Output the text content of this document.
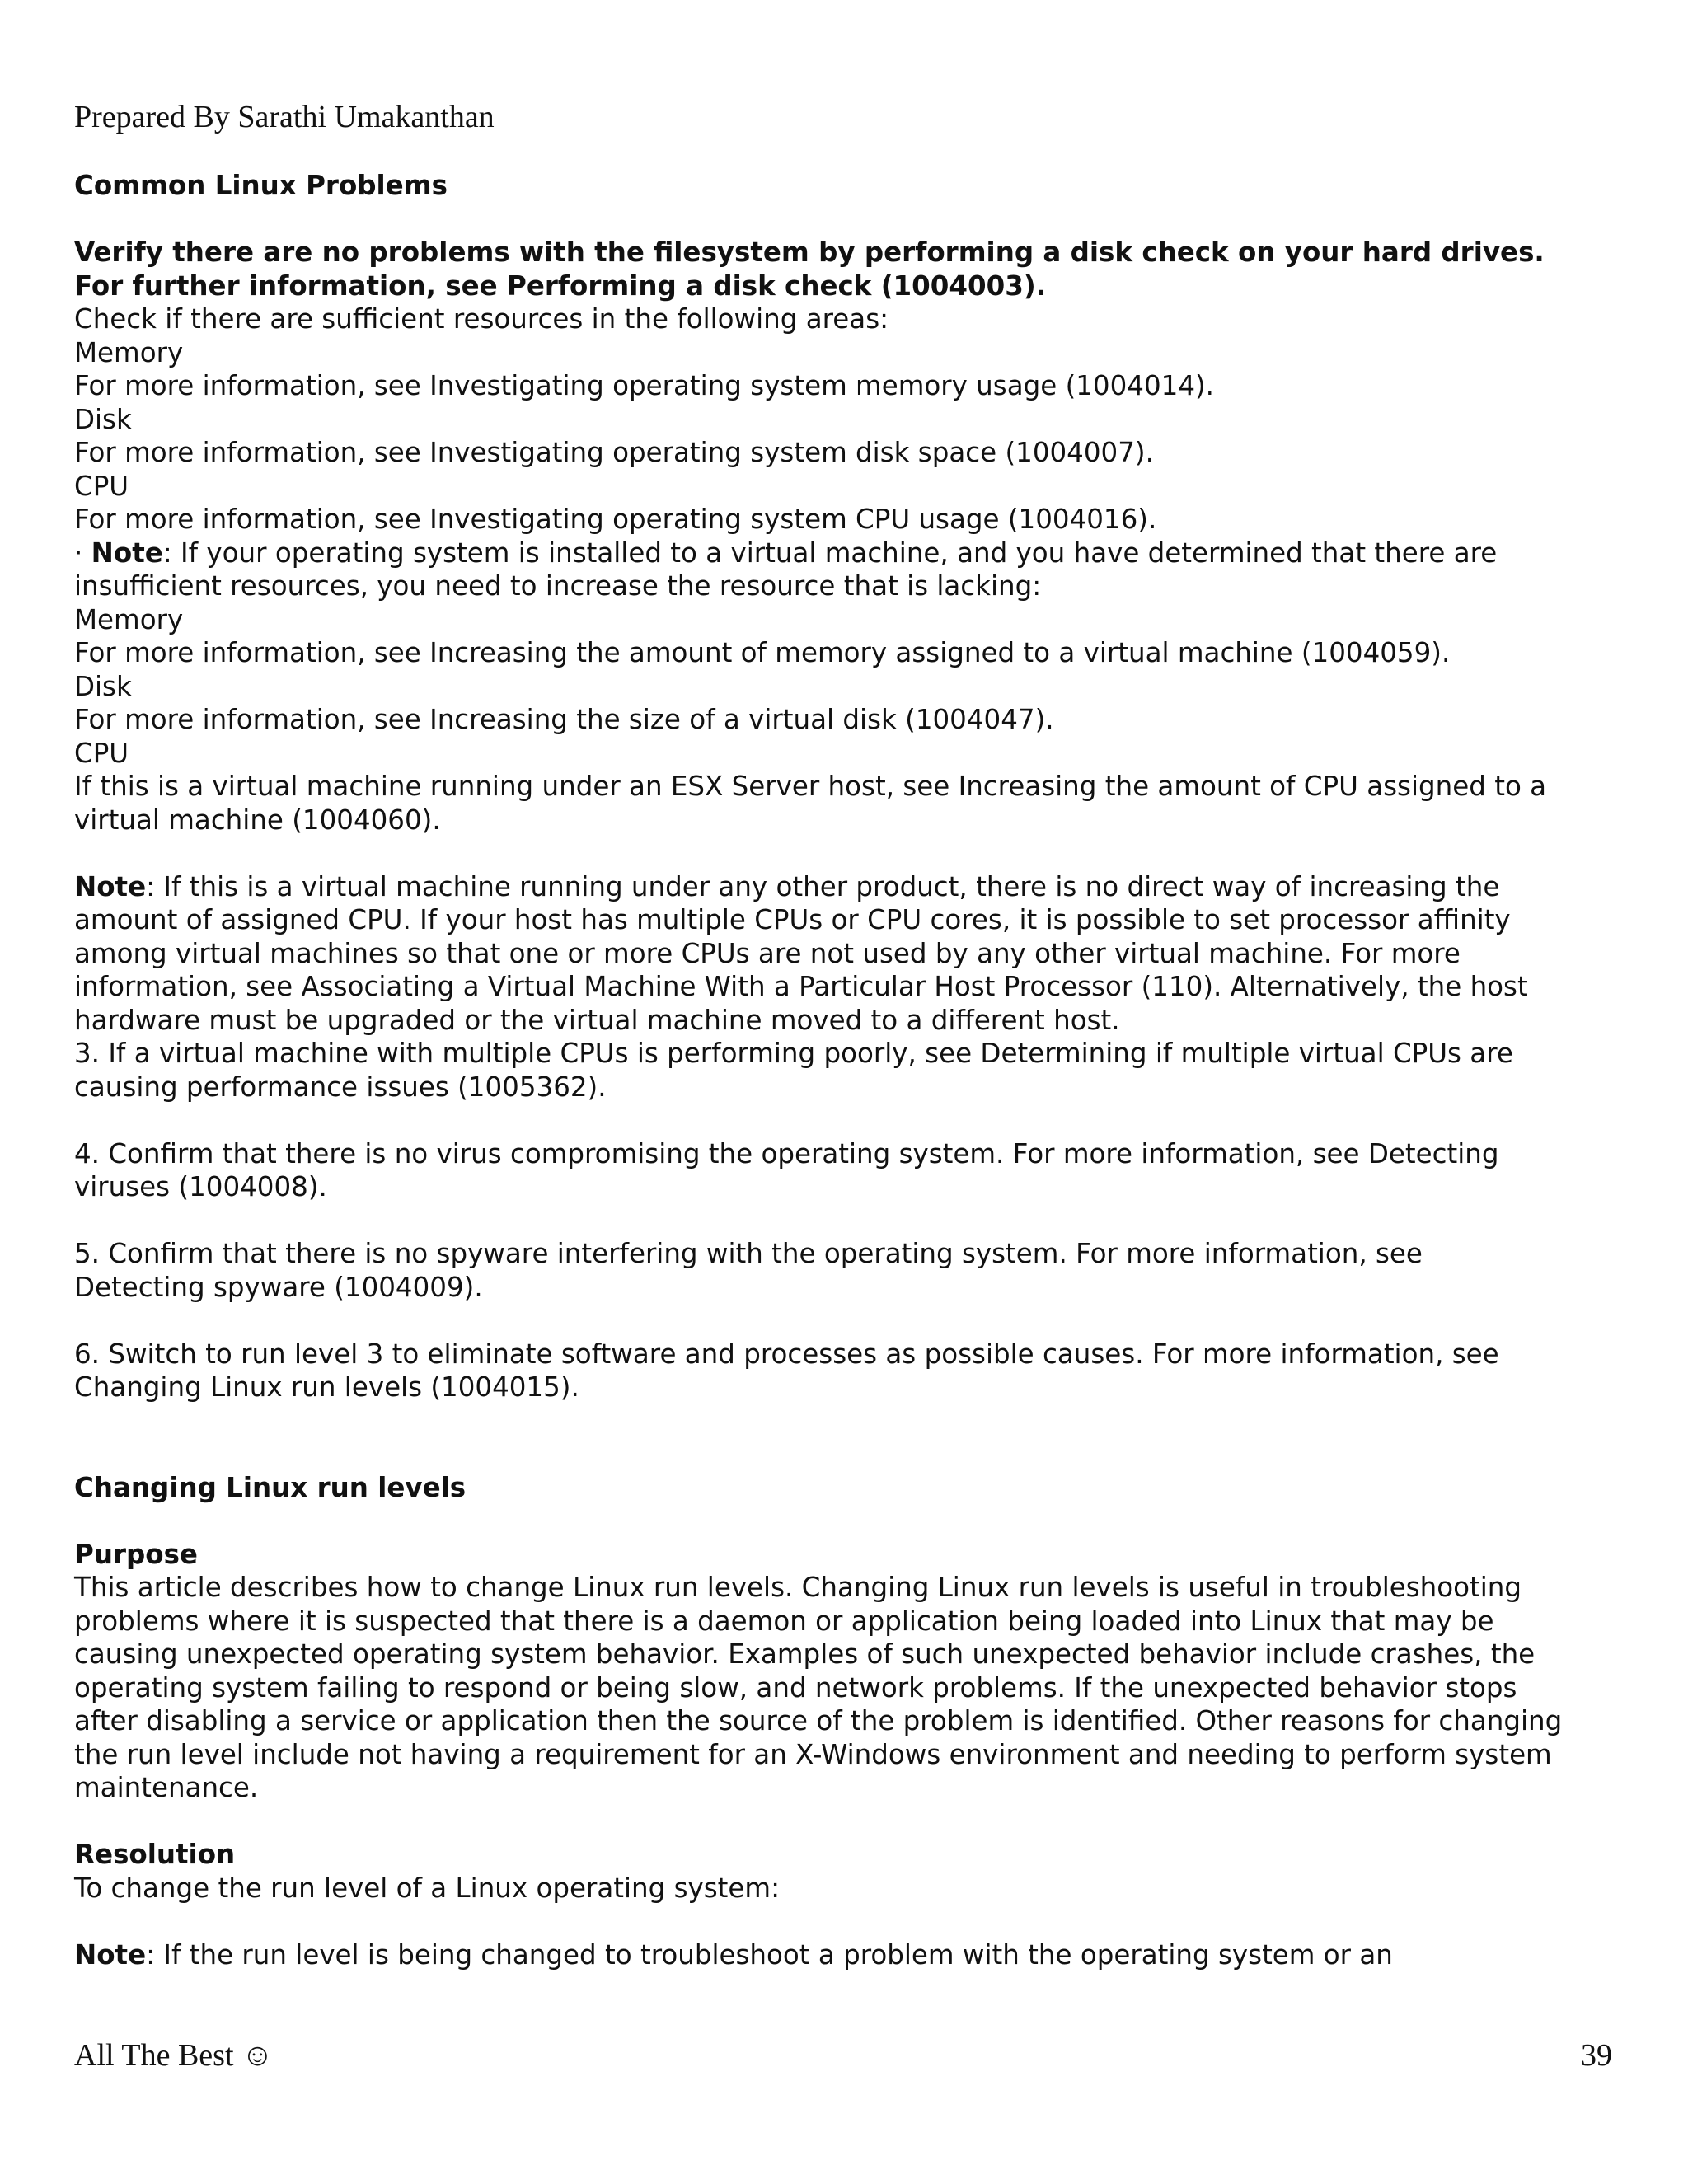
Prepared By Sarathi Umakanthan
Common Linux Problems
Verify there are no problems with the filesystem by performing a disk check on your hard drives.
For further information, see Performing a disk check (1004003).
Check if there are sufficient resources in the following areas:
Memory
For more information, see Investigating operating system memory usage (1004014).
Disk
For more information, see Investigating operating system disk space (1004007).
CPU
For more information, see Investigating operating system CPU usage (1004016).
· Note: If your operating system is installed to a virtual machine, and you have determined that there are
insufficient resources, you need to increase the resource that is lacking:
Memory
For more information, see Increasing the amount of memory assigned to a virtual machine (1004059).
Disk
For more information, see Increasing the size of a virtual disk (1004047).
CPU
If this is a virtual machine running under an ESX Server host, see Increasing the amount of CPU assigned to a
virtual machine (1004060).
Note: If this is a virtual machine running under any other product, there is no direct way of increasing the
amount of assigned CPU. If your host has multiple CPUs or CPU cores, it is possible to set processor affinity
among virtual machines so that one or more CPUs are not used by any other virtual machine. For more
information, see Associating a Virtual Machine With a Particular Host Processor (110). Alternatively, the host
hardware must be upgraded or the virtual machine moved to a different host.
3. If a virtual machine with multiple CPUs is performing poorly, see Determining if multiple virtual CPUs are
causing performance issues (1005362).
4. Confirm that there is no virus compromising the operating system. For more information, see Detecting
viruses (1004008).
5. Confirm that there is no spyware interfering with the operating system. For more information, see
Detecting spyware (1004009).
6. Switch to run level 3 to eliminate software and processes as possible causes. For more information, see
Changing Linux run levels (1004015).
Changing Linux run levels
Purpose
This article describes how to change Linux run levels. Changing Linux run levels is useful in troubleshooting
problems where it is suspected that there is a daemon or application being loaded into Linux that may be
causing unexpected operating system behavior. Examples of such unexpected behavior include crashes, the
operating system failing to respond or being slow, and network problems. If the unexpected behavior stops
after disabling a service or application then the source of the problem is identified. Other reasons for changing
the run level include not having a requirement for an X-Windows environment and needing to perform system
maintenance.
Resolution
To change the run level of a Linux operating system:
Note: If the run level is being changed to troubleshoot a problem with the operating system or an
All The Best ☺	39
